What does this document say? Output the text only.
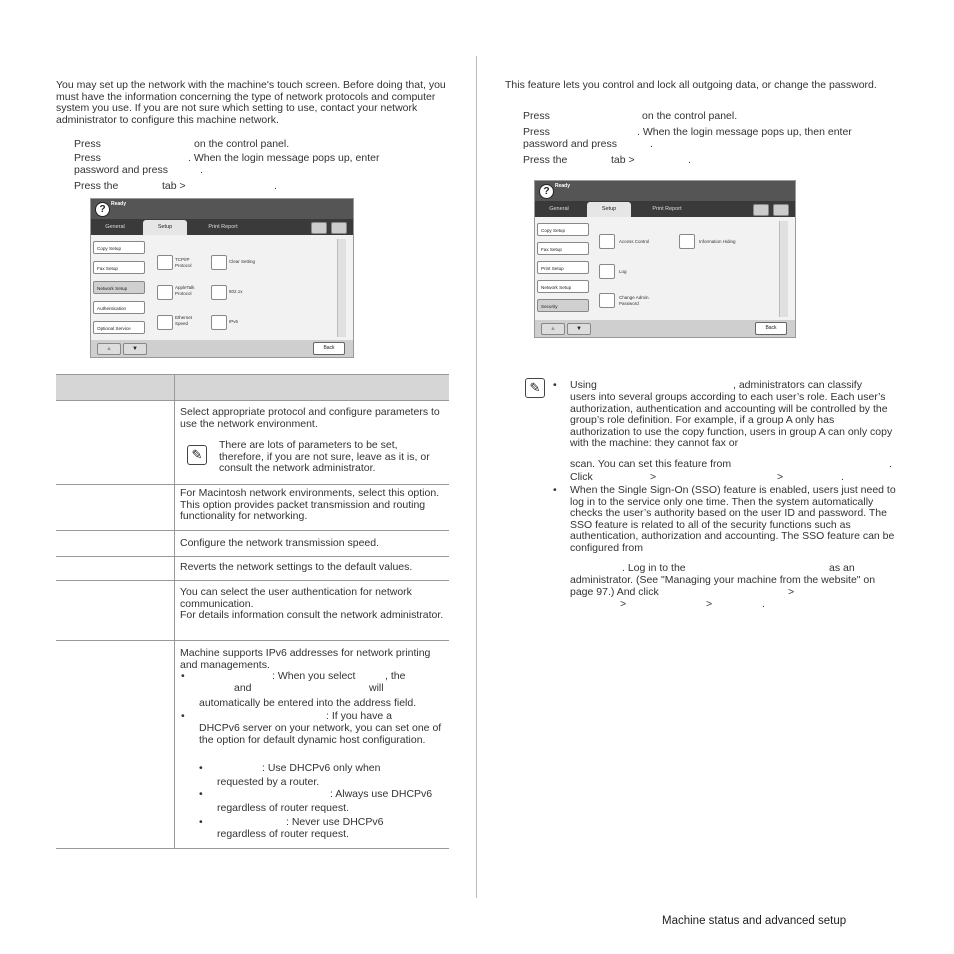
You may set up the network with the machine's touch screen. Before doing that, you must have the information concerning the type of network protocols and computer system you use. If you are not sure which setting to use, contact your network administrator to configure this machine network.
Press	on the control panel.
Press	. When the login message pops up, enter
password and press	.
Press the	tab >	.
?	Ready
General	Setup	Print Report
Copy Setup
Fax Setup
Network Setup
Authentication
Optional Service
TCP/IP Protocol
Clear Setting
AppleTalk Protocol	802.1x
Ethernet Speed	IPv6
▲	▼	Back
Select appropriate protocol and configure parameters to use the network environment.
✎
There are lots of parameters to be set, therefore, if you are not sure, leave as it is, or consult the network administrator.
For Macintosh network environments, select this option. This option provides packet transmission and routing functionality for networking.
Configure the network transmission speed.
Reverts the network settings to the default values.
You can select the user authentication for network communication.
For details information consult the network administrator.
Machine supports IPv6 addresses for network printing and managements.
•	: When you select	, the
and	will
automatically be entered into the address field.
•	: If you have a
DHCPv6 server on your network, you can set one of the option for default dynamic host configuration.
•	: Use DHCPv6 only when
requested by a router.
•	: Always use DHCPv6
regardless of router request.
•	: Never use DHCPv6
regardless of router request.
This feature lets you control and lock all outgoing data, or change the password.
Press	on the control panel.
Press	. When the login message pops up, then enter
password and press	.
Press the	tab >	.
?	Ready
General	Setup	Print Report
Copy Setup
Fax Setup
Print Setup
Network Setup
Security
Access Control	Information Hiding
Log
Change Admin. Password
▲	▼	Back
✎	• Using	, administrators can classify
users into several groups according to each user’s role. Each user’s authorization, authentication and accounting will be controlled by the group’s role definition. For example, if a group A only has authorization to use the copy function, users in group A can only copy with the machine: they cannot fax or
scan. You can set this feature from	.
Click	>	>	.
• When the Single Sign-On (SSO) feature is enabled, users just need to log in to the service only one time. Then the system automatically checks the user’s authority based on the user ID and password. The SSO feature is related to all of the security functions such as authentication, authorization and accounting. The SSO feature can be configured from
. Log in to the	as an
administrator. (See "Managing your machine from the website" on page 97.) And click	>
>	>	.
Machine status and advanced setup
